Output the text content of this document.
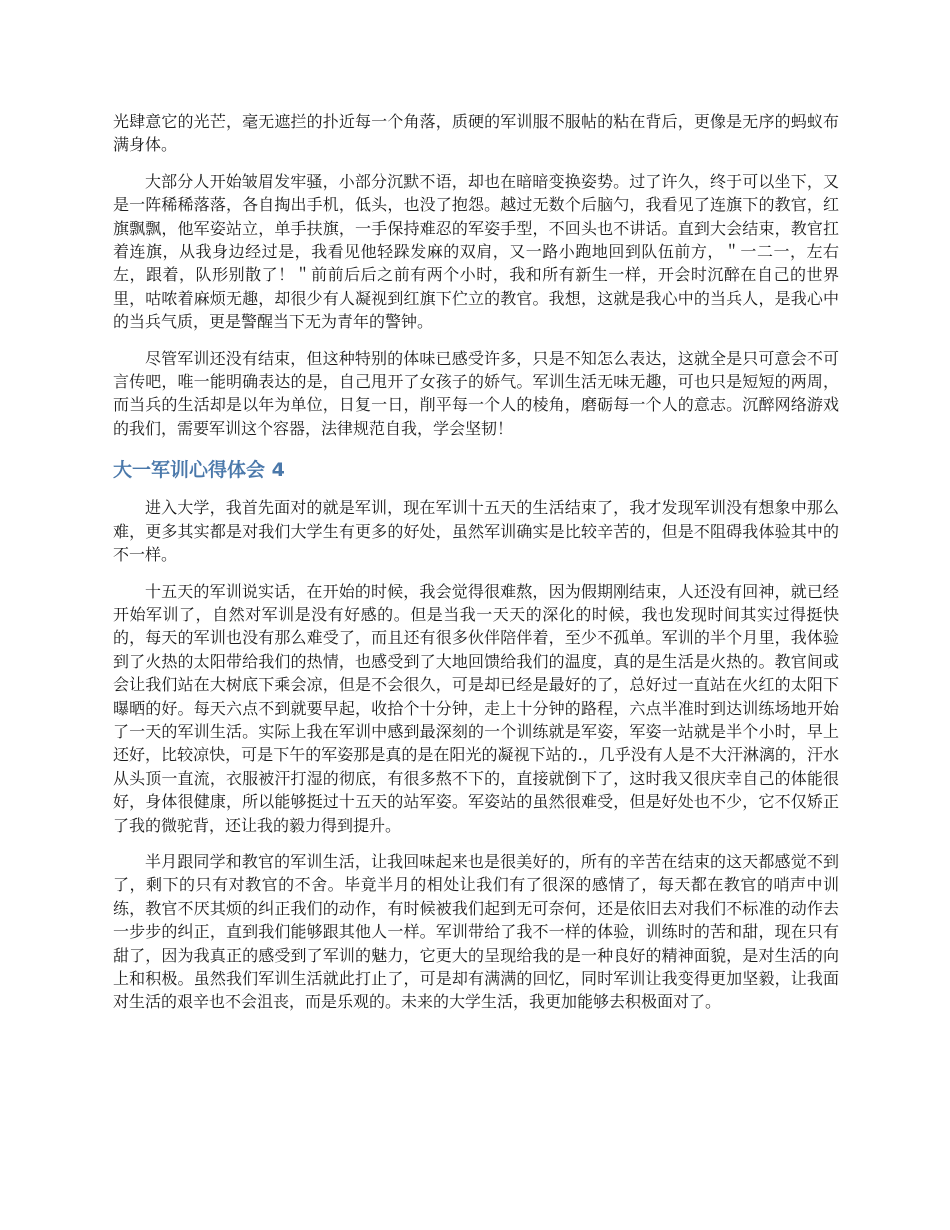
光肆意它的光芒，毫无遮拦的扑近每一个角落，质硬的军训服不服帖的粘在背后，更像是无序的蚂蚁布满身体。

大部分人开始皱眉发牢骚，小部分沉默不语，却也在暗暗变换姿势。过了许久，终于可以坐下，又是一阵稀稀落落，各自掏出手机，低头，也没了抱怨。越过无数个后脑勺，我看见了连旗下的教官，红旗飘飘，他军姿站立，单手扶旗，一手保持难忍的军姿手型，不回头也不讲话。直到大会结束，教官扛着连旗，从我身边经过是，我看见他轻跺发麻的双肩，又一路小跑地回到队伍前方，＂一二一，左右左，跟着，队形别散了！＂前前后后之前有两个小时，我和所有新生一样，开会时沉醉在自己的世界里，咕哝着麻烦无趣，却很少有人凝视到红旗下伫立的教官。我想，这就是我心中的当兵人，是我心中的当兵气质，更是警醒当下无为青年的警钟。

尽管军训还没有结束，但这种特别的体味已感受许多，只是不知怎么表达，这就全是只可意会不可言传吧，唯一能明确表达的是，自己甩开了女孩子的娇气。军训生活无味无趣，可也只是短短的两周，而当兵的生活却是以年为单位，日复一日，削平每一个人的棱角，磨砺每一个人的意志。沉醉网络游戏的我们，需要军训这个容器，法律规范自我，学会坚韧！

大一军训心得体会 4

进入大学，我首先面对的就是军训，现在军训十五天的生活结束了，我才发现军训没有想象中那么难，更多其实都是对我们大学生有更多的好处，虽然军训确实是比较辛苦的，但是不阻碍我体验其中的不一样。

十五天的军训说实话，在开始的时候，我会觉得很难熬，因为假期刚结束，人还没有回神，就已经开始军训了，自然对军训是没有好感的。但是当我一天天的深化的时候，我也发现时间其实过得挺快的，每天的军训也没有那么难受了，而且还有很多伙伴陪伴着，至少不孤单。军训的半个月里，我体验到了火热的太阳带给我们的热情，也感受到了大地回馈给我们的温度，真的是生活是火热的。教官间或会让我们站在大树底下乘会凉，但是不会很久，可是却已经是最好的了，总好过一直站在火红的太阳下曝晒的好。每天六点不到就要早起，收拾个十分钟，走上十分钟的路程，六点半准时到达训练场地开始了一天的军训生活。实际上我在军训中感到最深刻的一个训练就是军姿，军姿一站就是半个小时，早上还好，比较凉快，可是下午的军姿那是真的是在阳光的凝视下站的.，几乎没有人是不大汗淋漓的，汗水从头顶一直流，衣服被汗打湿的彻底，有很多熬不下的，直接就倒下了，这时我又很庆幸自己的体能很好，身体很健康，所以能够挺过十五天的站军姿。军姿站的虽然很难受，但是好处也不少，它不仅矫正了我的微驼背，还让我的毅力得到提升。

半月跟同学和教官的军训生活，让我回味起来也是很美好的，所有的辛苦在结束的这天都感觉不到了，剩下的只有对教官的不舍。毕竟半月的相处让我们有了很深的感情了，每天都在教官的哨声中训练，教官不厌其烦的纠正我们的动作，有时候被我们起到无可奈何，还是依旧去对我们不标准的动作去一步步的纠正，直到我们能够跟其他人一样。军训带给了我不一样的体验，训练时的苦和甜，现在只有甜了，因为我真正的感受到了军训的魅力，它更大的呈现给我的是一种良好的精神面貌，是对生活的向上和积极。虽然我们军训生活就此打止了，可是却有满满的回忆，同时军训让我变得更加坚毅，让我面对生活的艰辛也不会沮丧，而是乐观的。未来的大学生活，我更加能够去积极面对了。
